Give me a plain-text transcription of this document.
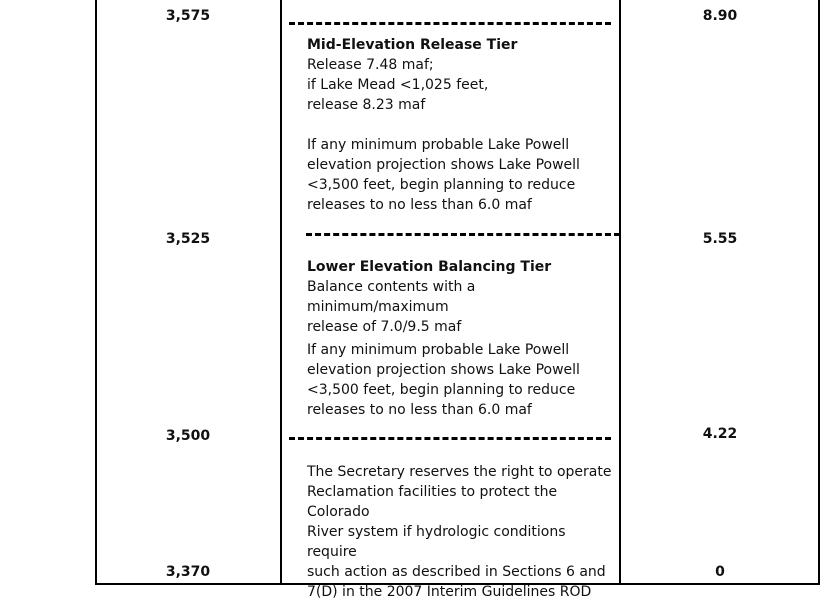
3,575
3,525
3,500
3,370
8.90
5.55
4.22
0

Mid-Elevation Release Tier

Release 7.48 maf;

if Lake Mead <1,025 feet,

release 8.23 maf

If any minimum probable Lake Powell

elevation projection shows Lake Powell

<3,500 feet, begin planning to reduce

releases to no less than 6.0 maf

Lower Elevation Balancing Tier

Balance contents with a minimum/maximum

release of 7.0/9.5 maf

If any minimum probable Lake Powell

elevation projection shows Lake Powell

<3,500 feet, begin planning to reduce

releases to no less than 6.0 maf

The Secretary reserves the right to operate

Reclamation facilities to protect the Colorado

River system if hydrologic conditions require

such action as described in Sections 6 and

7(D) in the 2007 Interim Guidelines ROD
